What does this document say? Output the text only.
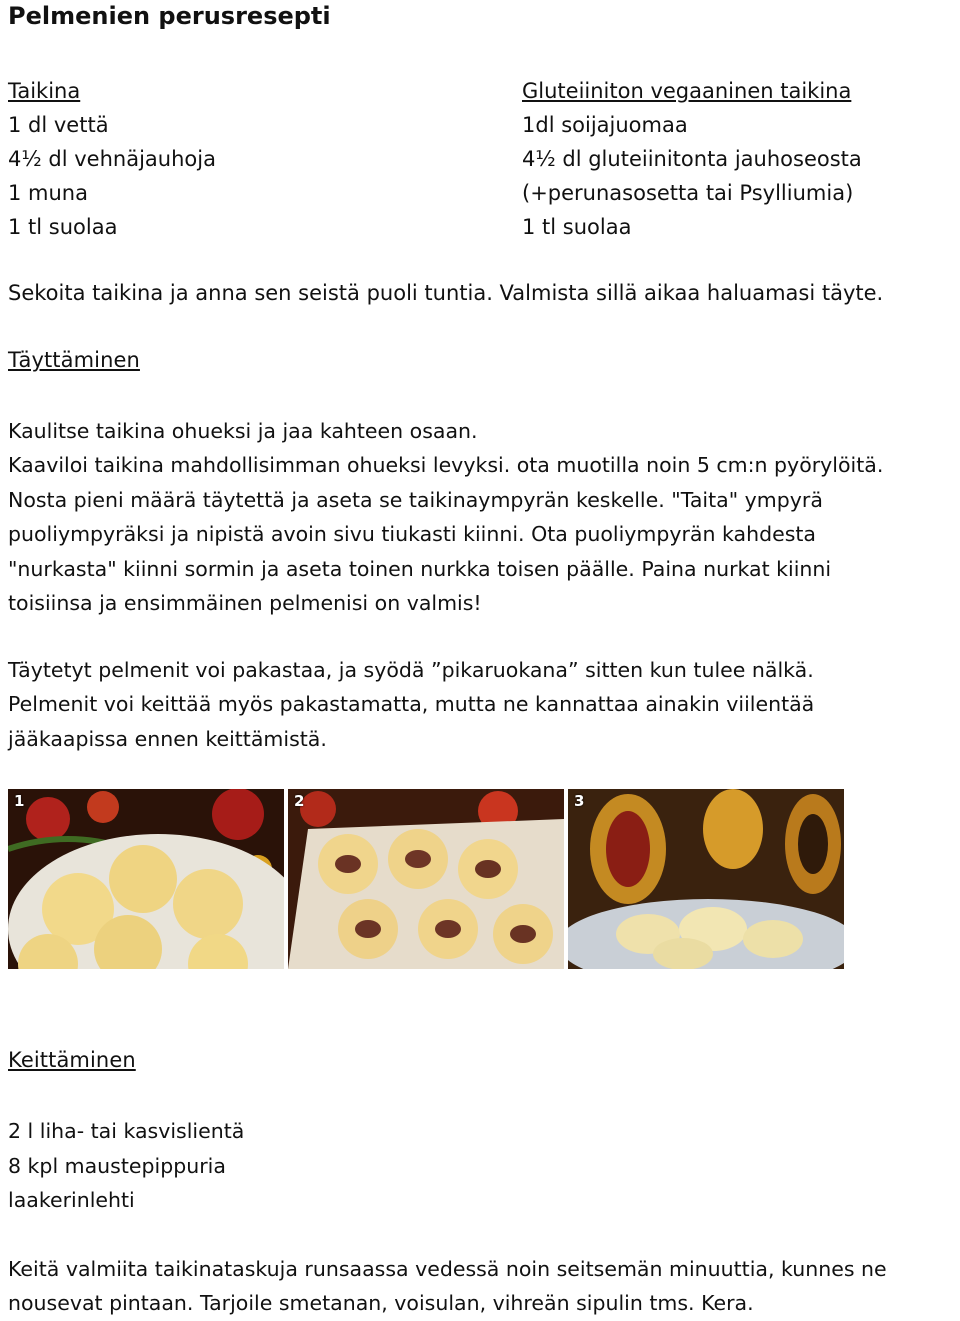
Pelmenien perusresepti
Taikina
1 dl vettä
4½ dl vehnäjauhoja
1 muna
1 tl suolaa
Gluteiiniton vegaaninen taikina
1dl soijajuomaa
4½ dl gluteiinitonta jauhoseosta
(+perunasosetta tai Psylliumia)
1 tl suolaa
Sekoita taikina ja anna sen seistä puoli tuntia. Valmista sillä aikaa haluamasi täyte.
Täyttäminen
Kaulitse taikina ohueksi ja jaa kahteen osaan.
Kaaviloi taikina mahdollisimman ohueksi levyksi. ota muotilla noin 5 cm:n pyörylöitä.
Nosta pieni määrä täytettä ja aseta se taikinaympyrän keskelle. "Taita" ympyrä
puoliympyräksi ja nipistä avoin sivu tiukasti kiinni. Ota puoliympyrän kahdesta
"nurkasta" kiinni sormin ja aseta toinen nurkka toisen päälle. Paina nurkat kiinni
toisiinsa ja ensimmäinen pelmenisi on valmis!
Täytetyt pelmenit voi pakastaa, ja syödä ”pikaruokana” sitten kun tulee nälkä.
Pelmenit voi keittää myös pakastamatta, mutta ne kannattaa ainakin viilentää
jääkaapissa ennen keittämistä.
1	2	3
Keittäminen
2 l liha- tai kasvislientä
8 kpl maustepippuria
laakerinlehti
Keitä valmiita taikinataskuja runsaassa vedessä noin seitsemän minuuttia, kunnes ne
nousevat pintaan. Tarjoile smetanan, voisulan, vihreän sipulin tms. Kera.
